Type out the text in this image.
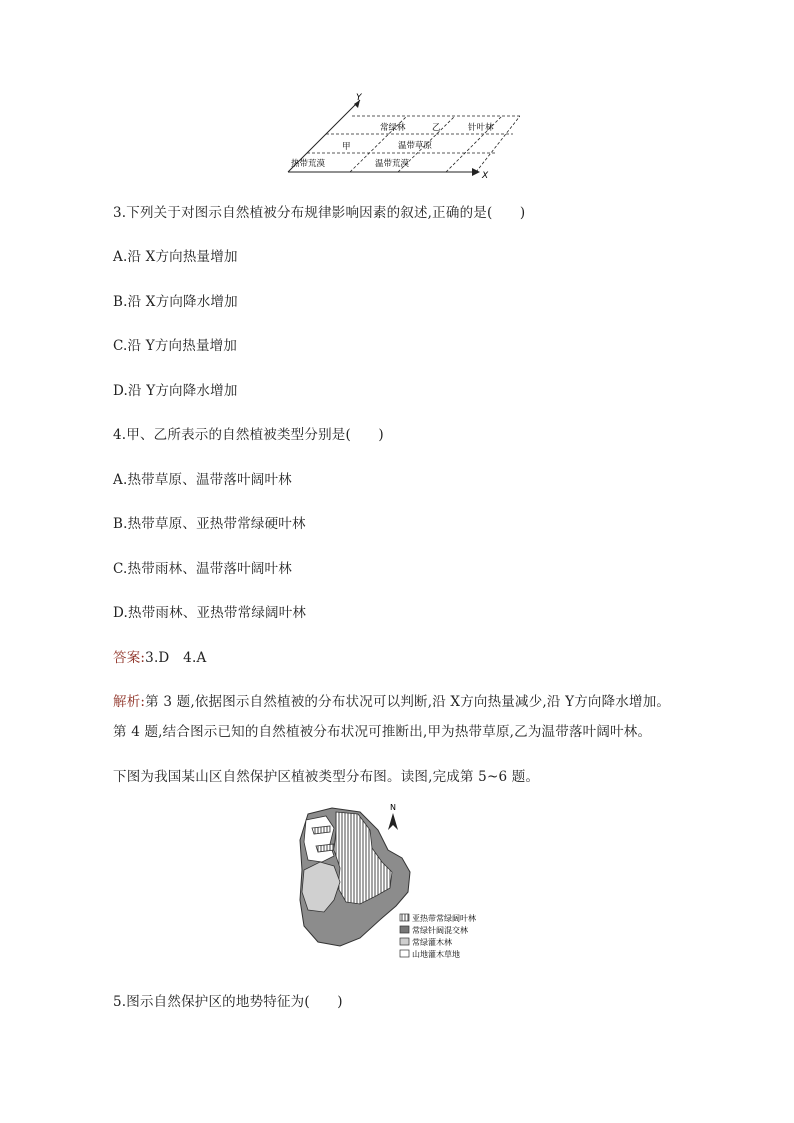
Y
X
常绿林	乙	针叶林
甲	温带草原
热带荒漠	温带荒漠
3.下列关于对图示自然植被分布规律影响因素的叙述,正确的是(　　)
A.沿 X方向热量增加
B.沿 X方向降水增加
C.沿 Y方向热量增加
D.沿 Y方向降水增加
4.甲、乙所表示的自然植被类型分别是(　　)
A.热带草原、温带落叶阔叶林
B.热带草原、亚热带常绿硬叶林
C.热带雨林、温带落叶阔叶林
D.热带雨林、亚热带常绿阔叶林
答案:3.D　4.A
解析:第 3 题,依据图示自然植被的分布状况可以判断,沿 X方向热量减少,沿 Y方向降水增加。
第 4 题,结合图示已知的自然植被分布状况可推断出,甲为热带草原,乙为温带落叶阔叶林。
下图为我国某山区自然保护区植被类型分布图。读图,完成第 5~6 题。
N
亚热带常绿阔叶林
常绿针阔混交林
常绿灌木林
山地灌木草地
5.图示自然保护区的地势特征为(　　)
